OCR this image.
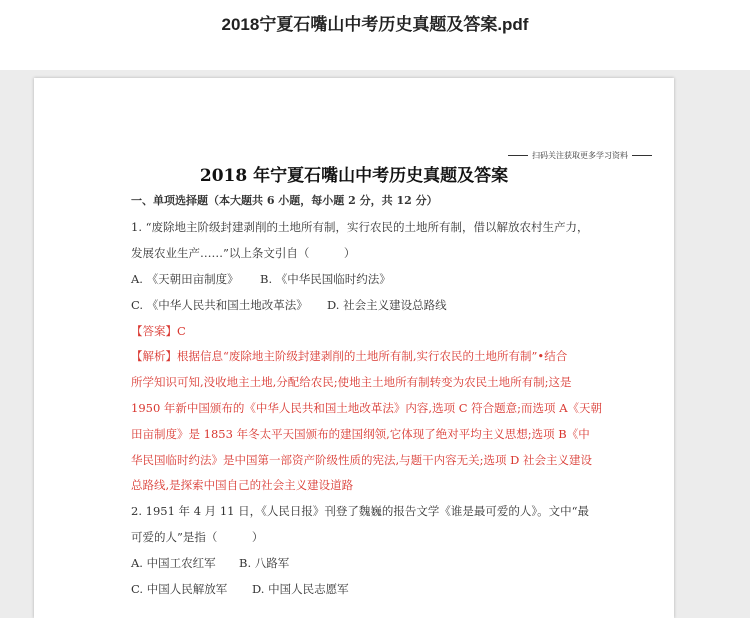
2018宁夏石嘴山中考历史真题及答案.pdf
扫码关注获取更多学习资料
2018 年宁夏石嘴山中考历史真题及答案
一、单项选择题（本大题共 6 小题，每小题 2 分，共 12 分）
1. “废除地主阶级封建剥削的土地所有制，实行农民的土地所有制，借以解放农村生产力，
发展农业生产……”以上条文引自（　　　）
A. 《天朝田亩制度》 B. 《中华民国临时约法》
C. 《中华人民共和国土地改革法》 D. 社会主义建设总路线
【答案】C
【解析】根据信息“废除地主阶级封建剥削的土地所有制,实行农民的土地所有制”•结合
所学知识可知,没收地主土地,分配给农民;使地主土地所有制转变为农民土地所有制;这是
1950 年新中国颁布的《中华人民共和国土地改革法》内容,选项 C 符合题意;而选项 A《天朝
田亩制度》是 1853 年冬太平天国颁布的建国纲领,它体现了绝对平均主义思想;选项 B《中
华民国临时约法》是中国第一部资产阶级性质的宪法,与题干内容无关;选项 D 社会主义建设
总路线,是探索中国自己的社会主义建设道路
2. 1951 年 4 月 11 日，《人民日报》刊登了魏巍的报告文学《谁是最可爱的人》。文中“最
可爱的人”是指（　　　）
A. 中国工农红军 B. 八路军
C. 中国人民解放军 D. 中国人民志愿军
